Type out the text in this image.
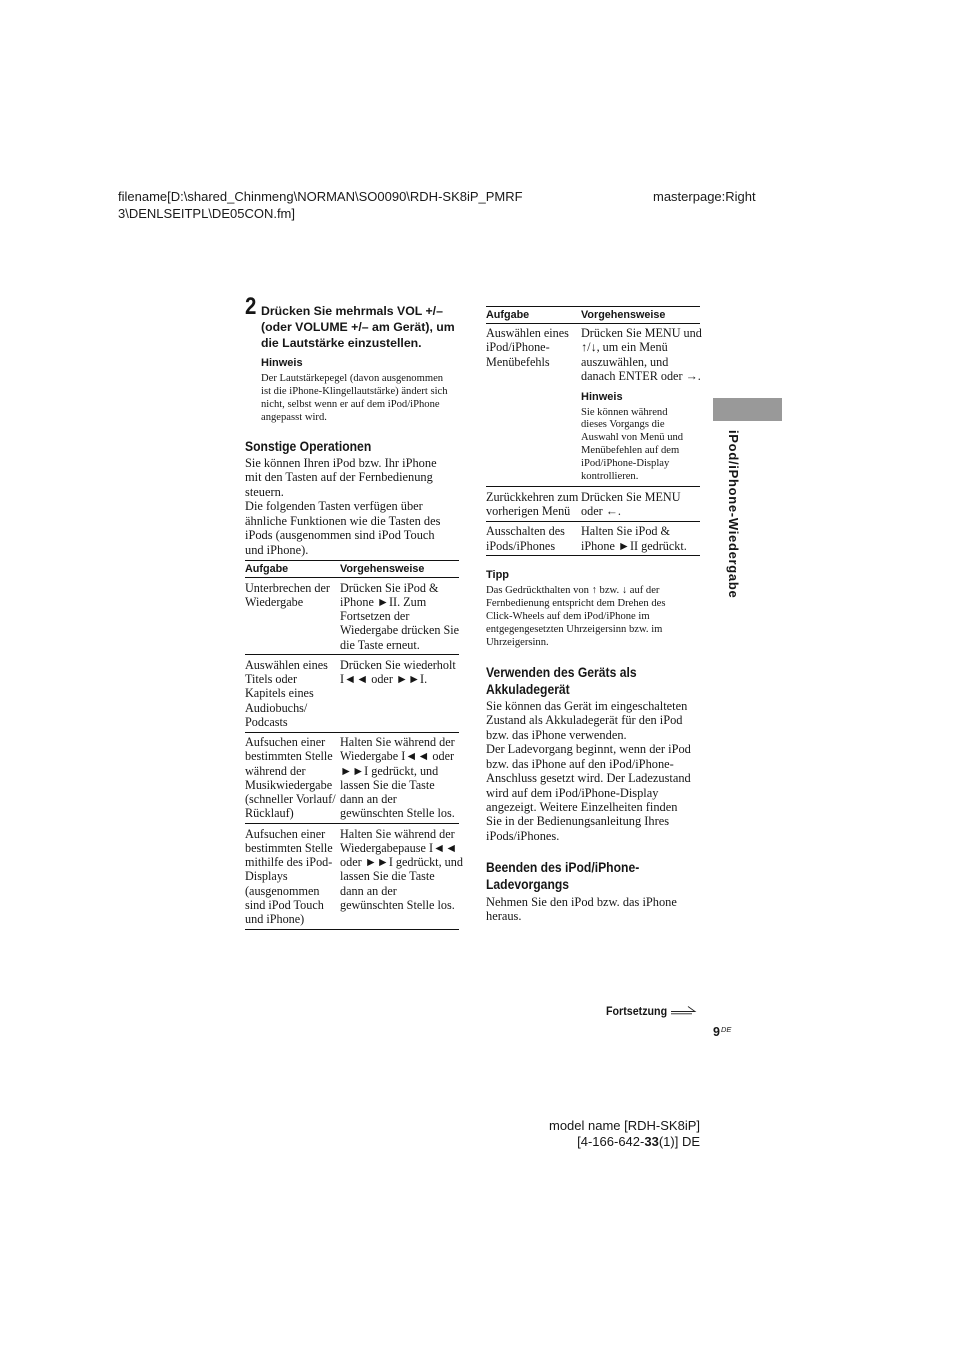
filename[D:\shared_Chinmeng\NORMAN\SO0090\RDH-SK8iP_PMRF
3\DENLSEITPL\DE05CON.fm]
masterpage:Right
2 Drücken Sie mehrmals VOL +/–
(oder VOLUME +/– am Gerät), um
die Lautstärke einzustellen.
Hinweis
Der Lautstärkepegel (davon ausgenommen
ist die iPhone-Klingellautstärke) ändert sich
nicht, selbst wenn er auf dem iPod/iPhone
angepasst wird.
Sonstige Operationen
Sie können Ihren iPod bzw. Ihr iPhone
mit den Tasten auf der Fernbedienung
steuern.
Die folgenden Tasten verfügen über
ähnliche Funktionen wie die Tasten des
iPods (ausgenommen sind iPod Touch
und iPhone).
Aufgabe	Vorgehensweise
Unterbrechen der
Wiedergabe
Drücken Sie iPod &
iPhone ►II. Zum
Fortsetzen der
Wiedergabe drücken Sie
die Taste erneut.
Auswählen eines
Titels oder
Kapitels eines
Audiobuchs/
Podcasts
Drücken Sie wiederholt
I◄◄ oder ►►I.
Aufsuchen einer
bestimmten Stelle
während der
Musikwiedergabe
(schneller Vorlauf/
Rücklauf)
Halten Sie während der
Wiedergabe I◄◄ oder
►►I gedrückt, und
lassen Sie die Taste
dann an der
gewünschten Stelle los.
Aufsuchen einer
bestimmten Stelle
mithilfe des iPod-
Displays
(ausgenommen
sind iPod Touch
und iPhone)
Halten Sie während der
Wiedergabepause I◄◄
oder ►►I gedrückt, und
lassen Sie die Taste
dann an der
gewünschten Stelle los.
Aufgabe	Vorgehensweise
Auswählen eines
iPod/iPhone-
Menübefehls
Drücken Sie MENU und
↑/↓, um ein Menü
auszuwählen, und
danach ENTER oder →.
Hinweis
Sie können während
dieses Vorgangs die
Auswahl von Menü und
Menübefehlen auf dem
iPod/iPhone-Display
kontrollieren.
Zurückkehren zum
vorherigen Menü
Drücken Sie MENU
oder ←.
Ausschalten des
iPods/iPhones
Halten Sie iPod &
iPhone ►II gedrückt.
Tipp
Das Gedrückthalten von ↑ bzw. ↓ auf der
Fernbedienung entspricht dem Drehen des
Click-Wheels auf dem iPod/iPhone im
entgegengesetzten Uhrzeigersinn bzw. im
Uhrzeigersinn.
Verwenden des Geräts als
Akkuladegerät
Sie können das Gerät im eingeschalteten
Zustand als Akkuladegerät für den iPod
bzw. das iPhone verwenden.
Der Ladevorgang beginnt, wenn der iPod
bzw. das iPhone auf den iPod/iPhone-
Anschluss gesetzt wird. Der Ladezustand
wird auf dem iPod/iPhone-Display
angezeigt. Weitere Einzelheiten finden
Sie in der Bedienungsanleitung Ihres
iPods/iPhones.
Beenden des iPod/iPhone-
Ladevorgangs
Nehmen Sie den iPod bzw. das iPhone
heraus.
iPod/iPhone-Wiedergabe
Fortsetzung
9DE
model name [RDH-SK8iP]
[4-166-642-33(1)] DE
